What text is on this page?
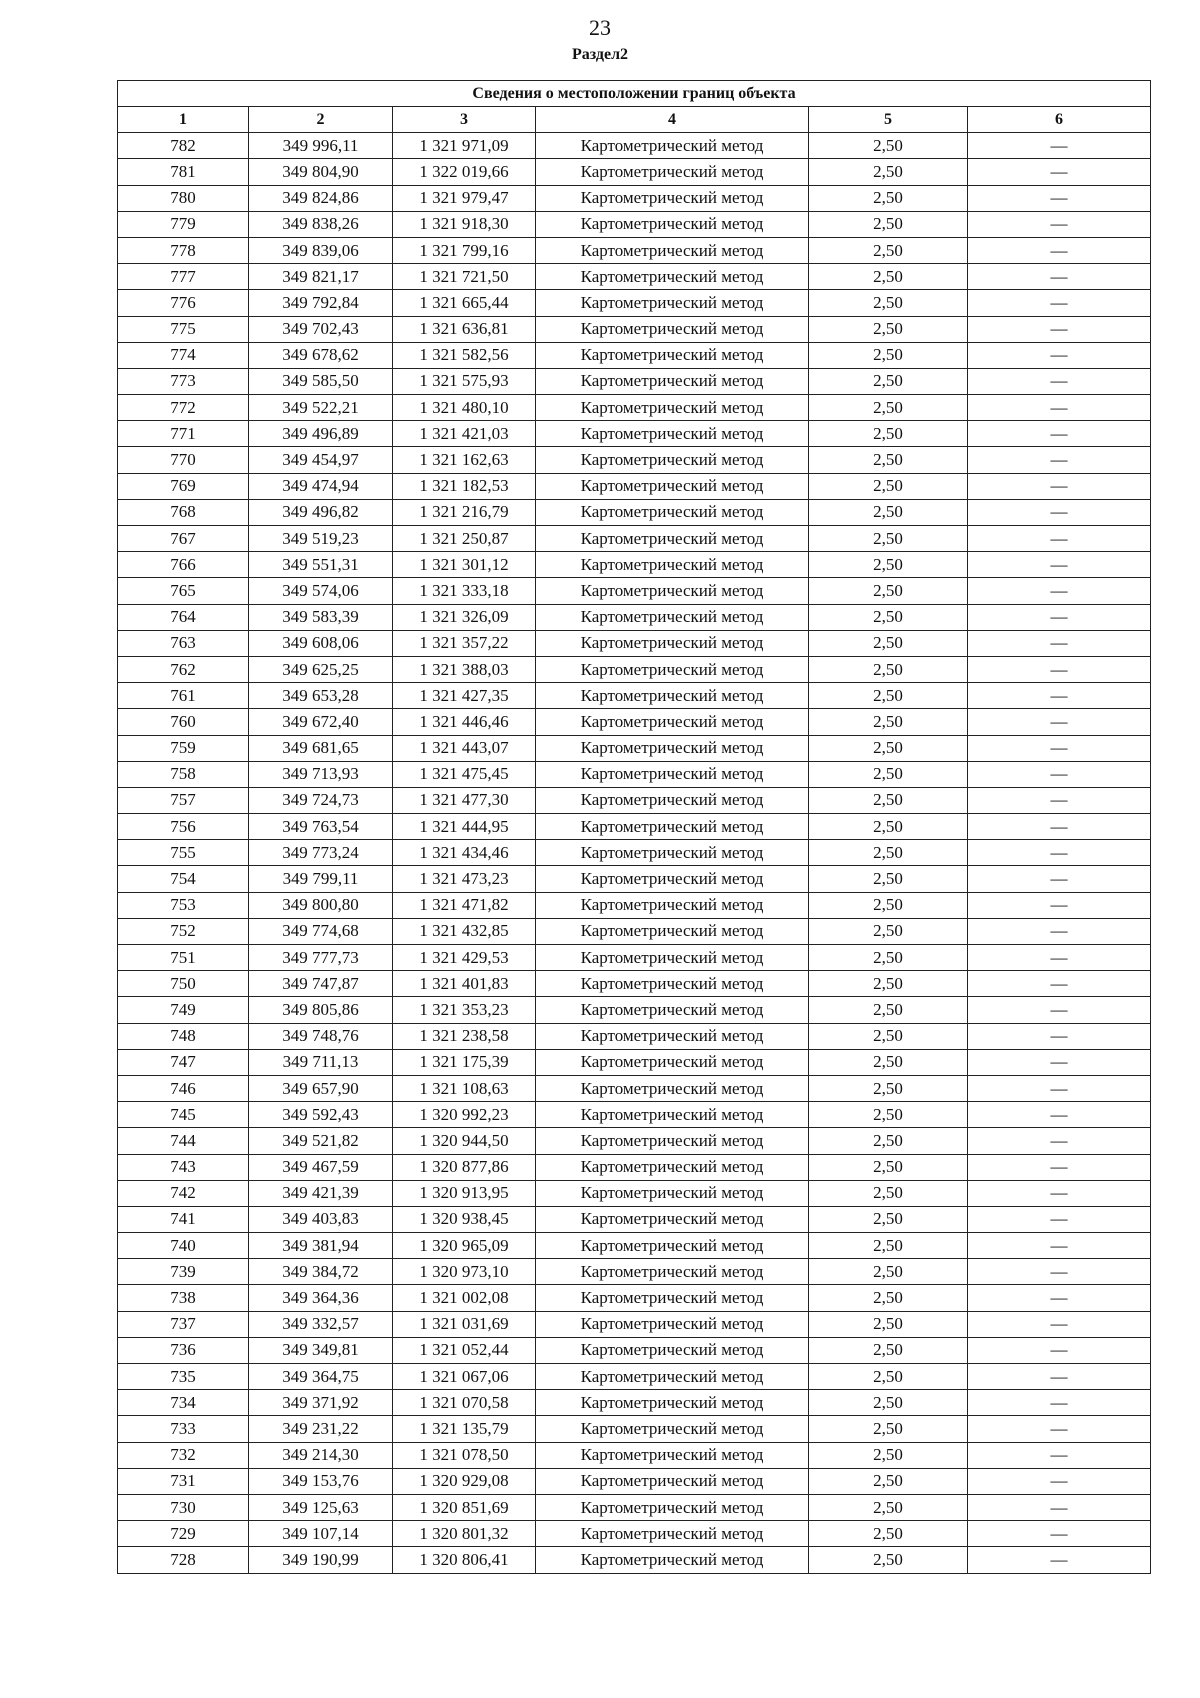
23
Раздел2
Сведения о местоположении границ объекта					
1	2	3	4	5	6
782	349 996,11	1 321 971,09	Картометрический метод	2,50	—
781	349 804,90	1 322 019,66	Картометрический метод	2,50	—
780	349 824,86	1 321 979,47	Картометрический метод	2,50	—
779	349 838,26	1 321 918,30	Картометрический метод	2,50	—
778	349 839,06	1 321 799,16	Картометрический метод	2,50	—
777	349 821,17	1 321 721,50	Картометрический метод	2,50	—
776	349 792,84	1 321 665,44	Картометрический метод	2,50	—
775	349 702,43	1 321 636,81	Картометрический метод	2,50	—
774	349 678,62	1 321 582,56	Картометрический метод	2,50	—
773	349 585,50	1 321 575,93	Картометрический метод	2,50	—
772	349 522,21	1 321 480,10	Картометрический метод	2,50	—
771	349 496,89	1 321 421,03	Картометрический метод	2,50	—
770	349 454,97	1 321 162,63	Картометрический метод	2,50	—
769	349 474,94	1 321 182,53	Картометрический метод	2,50	—
768	349 496,82	1 321 216,79	Картометрический метод	2,50	—
767	349 519,23	1 321 250,87	Картометрический метод	2,50	—
766	349 551,31	1 321 301,12	Картометрический метод	2,50	—
765	349 574,06	1 321 333,18	Картометрический метод	2,50	—
764	349 583,39	1 321 326,09	Картометрический метод	2,50	—
763	349 608,06	1 321 357,22	Картометрический метод	2,50	—
762	349 625,25	1 321 388,03	Картометрический метод	2,50	—
761	349 653,28	1 321 427,35	Картометрический метод	2,50	—
760	349 672,40	1 321 446,46	Картометрический метод	2,50	—
759	349 681,65	1 321 443,07	Картометрический метод	2,50	—
758	349 713,93	1 321 475,45	Картометрический метод	2,50	—
757	349 724,73	1 321 477,30	Картометрический метод	2,50	—
756	349 763,54	1 321 444,95	Картометрический метод	2,50	—
755	349 773,24	1 321 434,46	Картометрический метод	2,50	—
754	349 799,11	1 321 473,23	Картометрический метод	2,50	—
753	349 800,80	1 321 471,82	Картометрический метод	2,50	—
752	349 774,68	1 321 432,85	Картометрический метод	2,50	—
751	349 777,73	1 321 429,53	Картометрический метод	2,50	—
750	349 747,87	1 321 401,83	Картометрический метод	2,50	—
749	349 805,86	1 321 353,23	Картометрический метод	2,50	—
748	349 748,76	1 321 238,58	Картометрический метод	2,50	—
747	349 711,13	1 321 175,39	Картометрический метод	2,50	—
746	349 657,90	1 321 108,63	Картометрический метод	2,50	—
745	349 592,43	1 320 992,23	Картометрический метод	2,50	—
744	349 521,82	1 320 944,50	Картометрический метод	2,50	—
743	349 467,59	1 320 877,86	Картометрический метод	2,50	—
742	349 421,39	1 320 913,95	Картометрический метод	2,50	—
741	349 403,83	1 320 938,45	Картометрический метод	2,50	—
740	349 381,94	1 320 965,09	Картометрический метод	2,50	—
739	349 384,72	1 320 973,10	Картометрический метод	2,50	—
738	349 364,36	1 321 002,08	Картометрический метод	2,50	—
737	349 332,57	1 321 031,69	Картометрический метод	2,50	—
736	349 349,81	1 321 052,44	Картометрический метод	2,50	—
735	349 364,75	1 321 067,06	Картометрический метод	2,50	—
734	349 371,92	1 321 070,58	Картометрический метод	2,50	—
733	349 231,22	1 321 135,79	Картометрический метод	2,50	—
732	349 214,30	1 321 078,50	Картометрический метод	2,50	—
731	349 153,76	1 320 929,08	Картометрический метод	2,50	—
730	349 125,63	1 320 851,69	Картометрический метод	2,50	—
729	349 107,14	1 320 801,32	Картометрический метод	2,50	—
728	349 190,99	1 320 806,41	Картометрический метод	2,50	—
